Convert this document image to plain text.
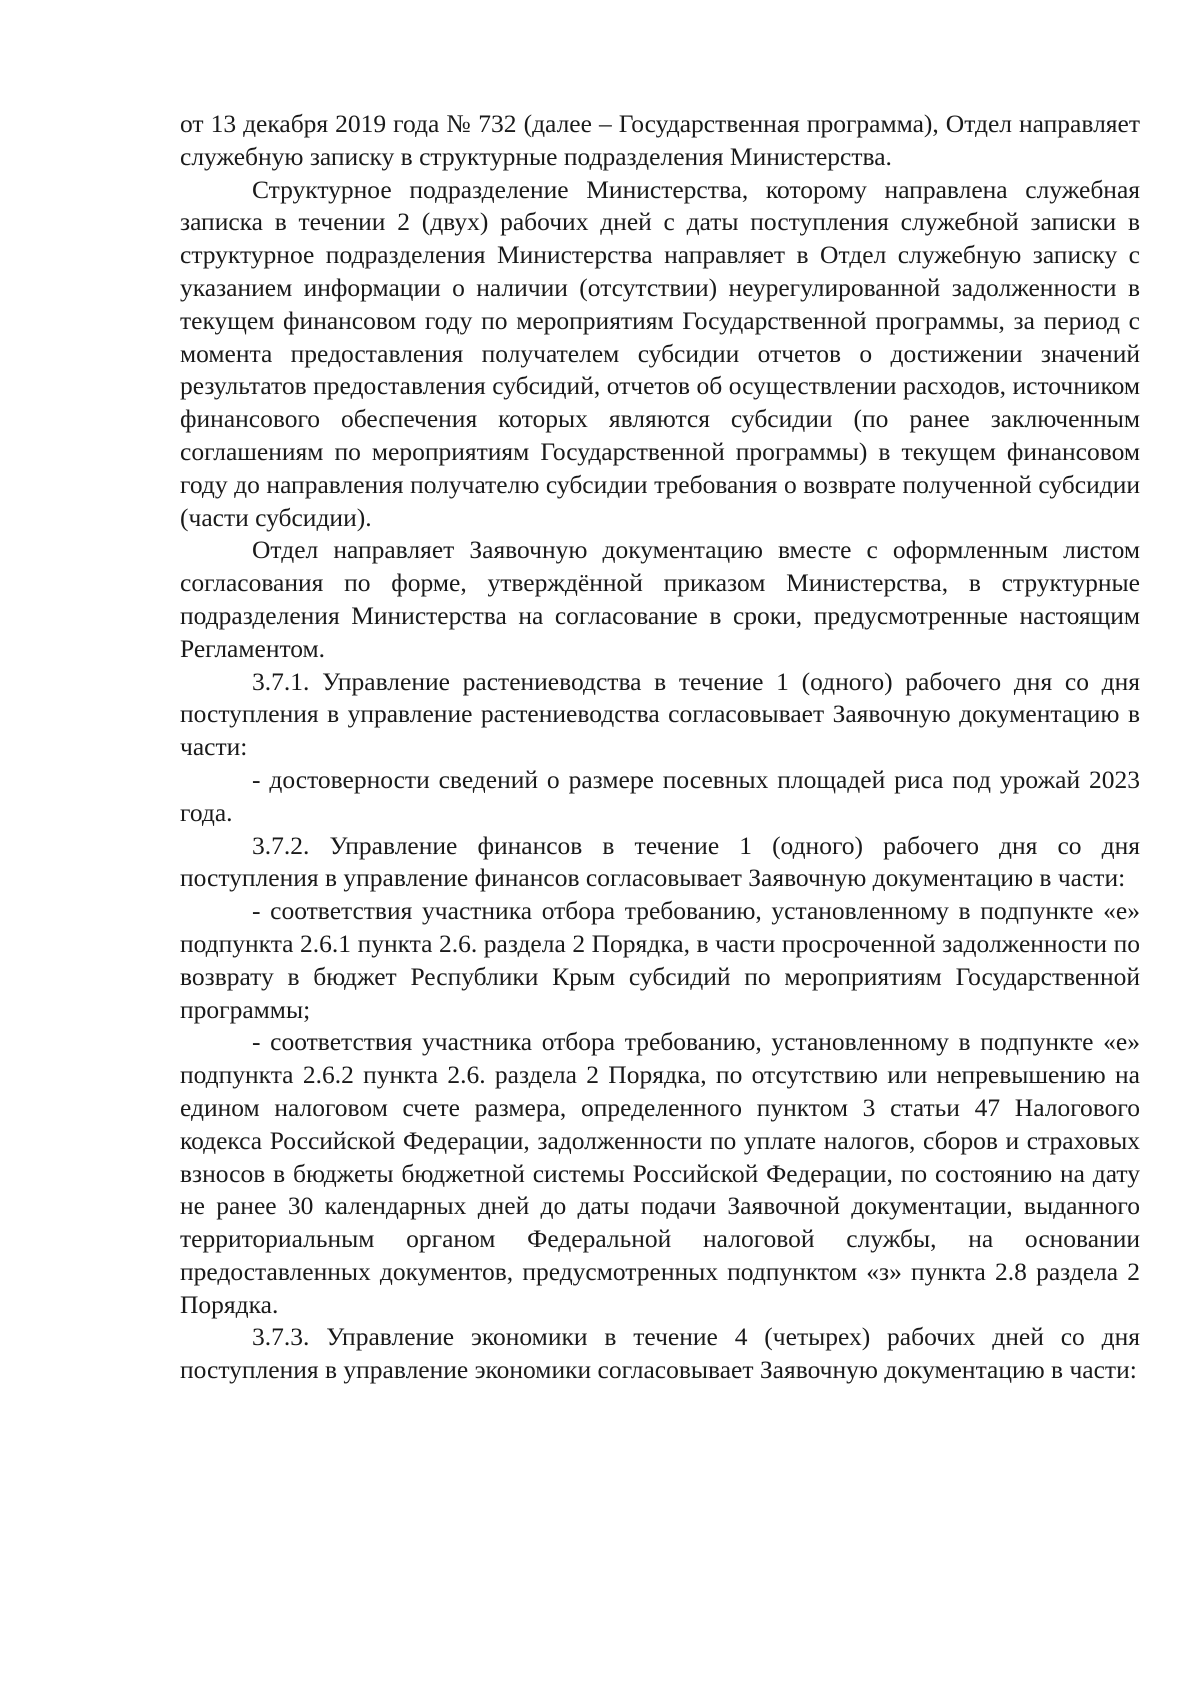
от 13 декабря 2019 года № 732 (далее – Государственная программа), Отдел направляет служебную записку в структурные подразделения Министерства.

Структурное подразделение Министерства, которому направлена служебная записка в течении 2 (двух) рабочих дней с даты поступления служебной записки в структурное подразделения Министерства направляет в Отдел служебную записку с указанием информации о наличии (отсутствии) неурегулированной задолженности в текущем финансовом году по мероприятиям Государственной программы, за период с момента предоставления получателем субсидии отчетов о достижении значений результатов предоставления субсидий, отчетов об осуществлении расходов, источником финансового обеспечения которых являются субсидии (по ранее заключенным соглашениям по мероприятиям Государственной программы) в текущем финансовом году до направления получателю субсидии требования о возврате полученной субсидии (части субсидии).

Отдел направляет Заявочную документацию вместе с оформленным листом согласования по форме, утверждённой приказом Министерства, в структурные подразделения Министерства на согласование в сроки, предусмотренные настоящим Регламентом.

3.7.1. Управление растениеводства в течение 1 (одного) рабочего дня со дня поступления в управление растениеводства согласовывает Заявочную документацию в части:

- достоверности сведений о размере посевных площадей риса под урожай 2023 года.

3.7.2. Управление финансов в течение 1 (одного) рабочего дня со дня поступления в управление финансов согласовывает Заявочную документацию в части:

- соответствия участника отбора требованию, установленному в подпункте «е» подпункта 2.6.1 пункта 2.6. раздела 2 Порядка, в части просроченной задолженности по возврату в бюджет Республики Крым субсидий по мероприятиям Государственной программы;

- соответствия участника отбора требованию, установленному в подпункте «е» подпункта 2.6.2 пункта 2.6. раздела 2 Порядка, по отсутствию или непревышению на едином налоговом счете размера, определенного пунктом 3 статьи 47 Налогового кодекса Российской Федерации, задолженности по уплате налогов, сборов и страховых взносов в бюджеты бюджетной системы Российской Федерации, по состоянию на дату не ранее 30 календарных дней до даты подачи Заявочной документации, выданного территориальным органом Федеральной налоговой службы, на основании предоставленных документов, предусмотренных подпунктом «з» пункта 2.8 раздела 2 Порядка.

3.7.3. Управление экономики в течение 4 (четырех) рабочих дней со дня поступления в управление экономики согласовывает Заявочную документацию в части:
